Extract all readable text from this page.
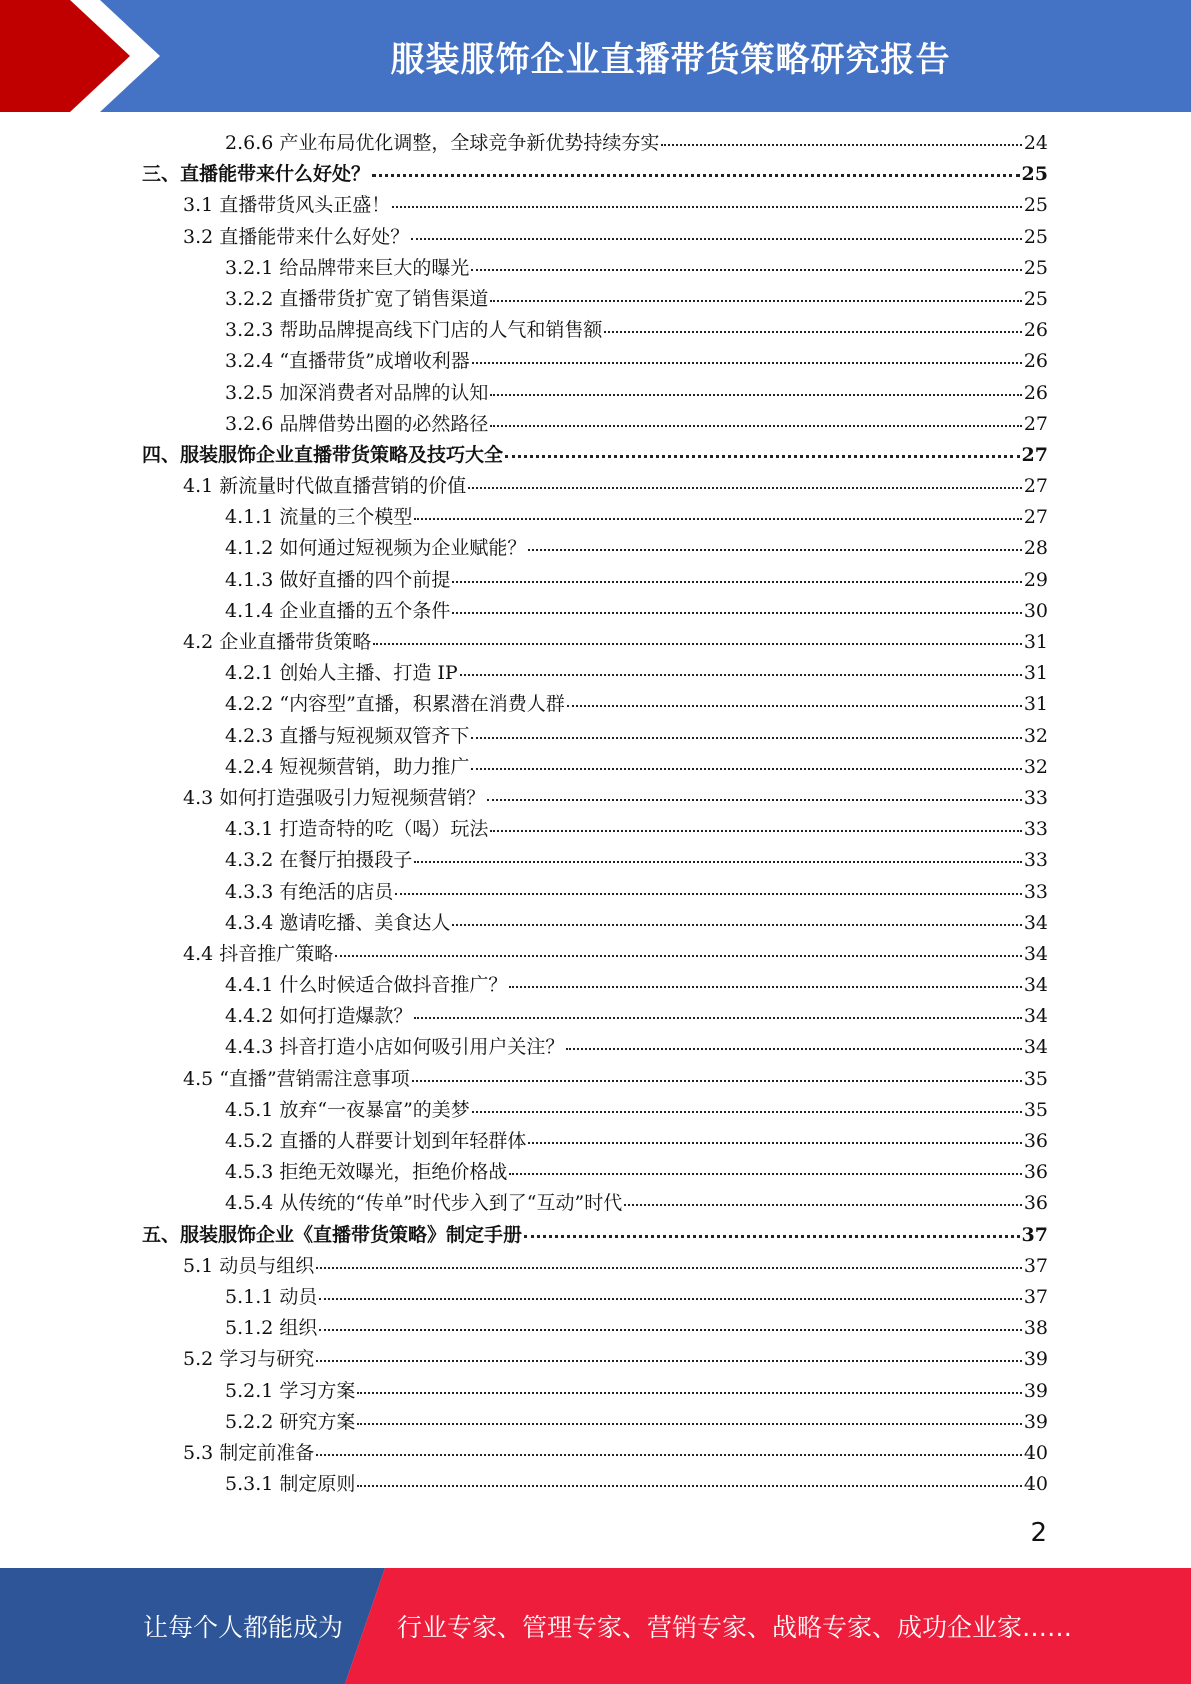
服装服饰企业直播带货策略研究报告
2.6.6 产业布局优化调整，全球竞争新优势持续夯实	24
三、直播能带来什么好处？	25
3.1 直播带货风头正盛！	25
3.2 直播能带来什么好处？	25
3.2.1 给品牌带来巨大的曝光	25
3.2.2 直播带货扩宽了销售渠道	25
3.2.3 帮助品牌提高线下门店的人气和销售额	26
3.2.4 “直播带货”成增收利器	26
3.2.5 加深消费者对品牌的认知	26
3.2.6 品牌借势出圈的必然路径	27
四、服装服饰企业直播带货策略及技巧大全	27
4.1 新流量时代做直播营销的价值	27
4.1.1 流量的三个模型	27
4.1.2 如何通过短视频为企业赋能？	28
4.1.3 做好直播的四个前提	29
4.1.4 企业直播的五个条件	30
4.2 企业直播带货策略	31
4.2.1 创始人主播、打造 IP	31
4.2.2 “内容型”直播，积累潜在消费人群	31
4.2.3 直播与短视频双管齐下	32
4.2.4 短视频营销，助力推广	32
4.3 如何打造强吸引力短视频营销？	33
4.3.1 打造奇特的吃（喝）玩法	33
4.3.2 在餐厅拍摄段子	33
4.3.3 有绝活的店员	33
4.3.4 邀请吃播、美食达人	34
4.4 抖音推广策略	34
4.4.1 什么时候适合做抖音推广？	34
4.4.2 如何打造爆款？	34
4.4.3 抖音打造小店如何吸引用户关注？	34
4.5 “直播”营销需注意事项	35
4.5.1 放弃“一夜暴富”的美梦	35
4.5.2 直播的人群要计划到年轻群体	36
4.5.3 拒绝无效曝光，拒绝价格战	36
4.5.4 从传统的“传单”时代步入到了“互动”时代	36
五、服装服饰企业《直播带货策略》制定手册	37
5.1 动员与组织	37
5.1.1 动员	37
5.1.2 组织	38
5.2 学习与研究	39
5.2.1 学习方案	39
5.2.2 研究方案	39
5.3 制定前准备	40
5.3.1 制定原则	40
2
让每个人都能成为 行业专家、管理专家、营销专家、战略专家、成功企业家……
